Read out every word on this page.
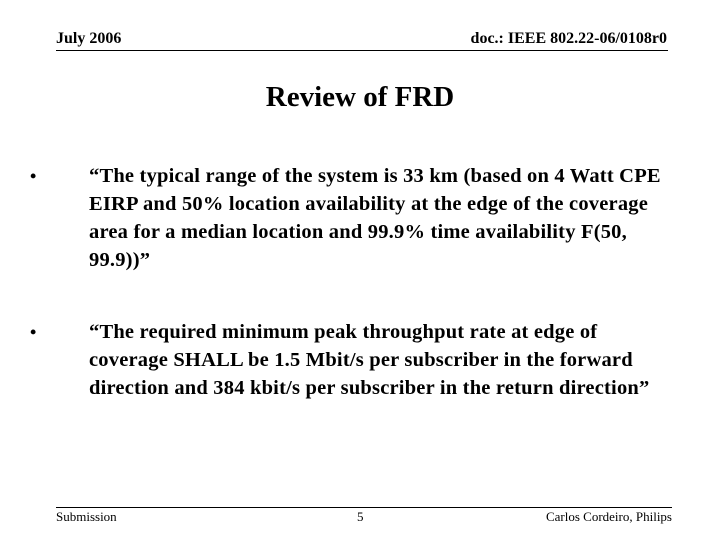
July 2006	doc.: IEEE 802.22-06/0108r0
Review of FRD
•	“The typical range of the system is 33 km (based on 4 Watt CPE EIRP and 50% location availability at the edge of the coverage area for a median location and 99.9% time availability F(50, 99.9))”
•	“The required minimum peak throughput rate at edge of coverage SHALL be 1.5 Mbit/s per subscriber in the forward direction and 384 kbit/s per subscriber in the return direction”
Submission	5	Carlos Cordeiro, Philips
